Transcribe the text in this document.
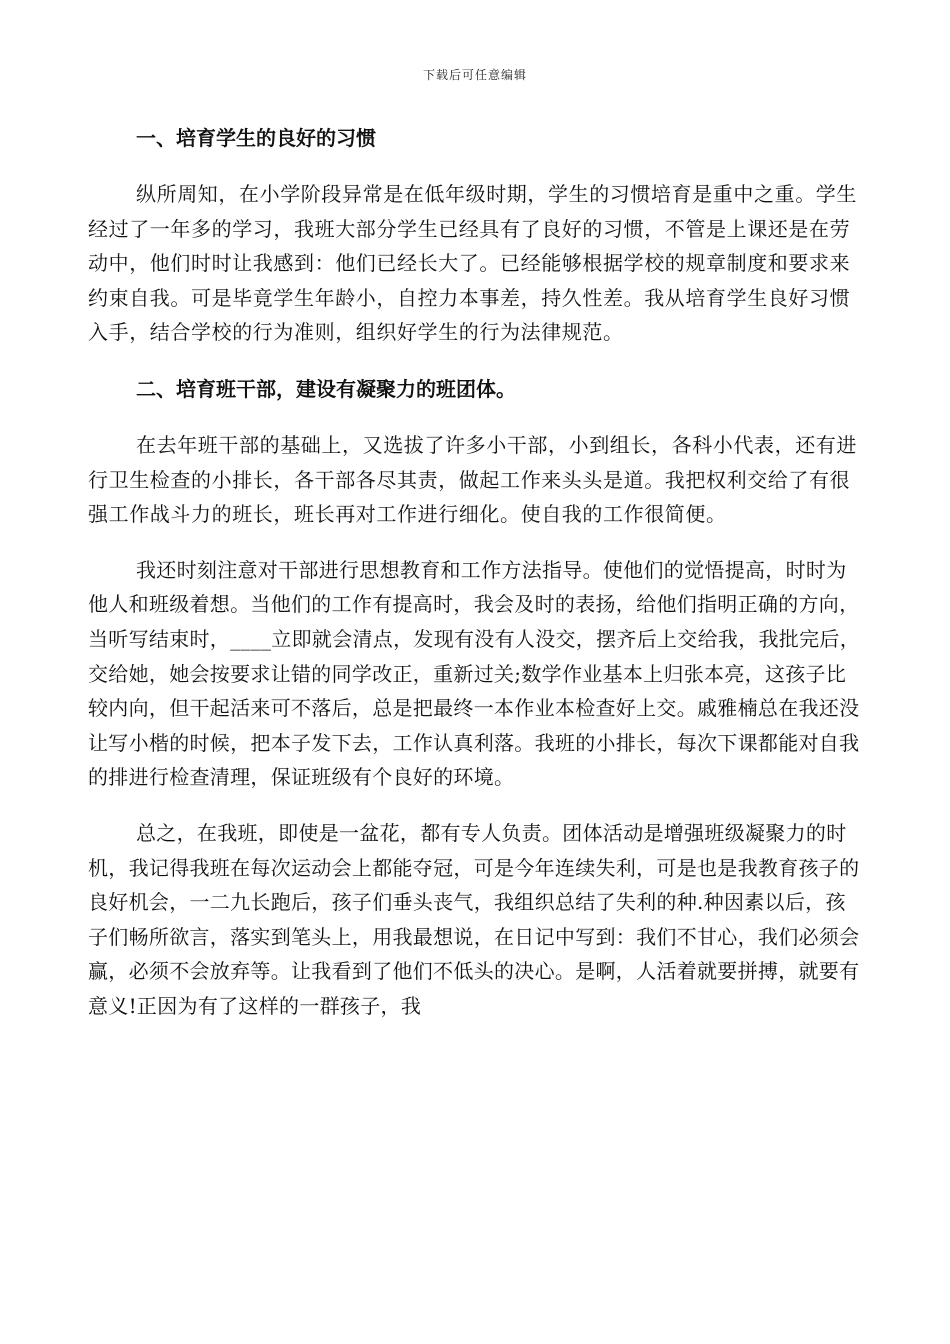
下载后可任意编辑
一、培育学生的良好的习惯

纵所周知，在小学阶段异常是在低年级时期，学生的习惯培育是重中之重。学生经过了一年多的学习，我班大部分学生已经具有了良好的习惯，不管是上课还是在劳动中，他们时时让我感到：他们已经长大了。已经能够根据学校的规章制度和要求来约束自我。可是毕竟学生年龄小，自控力本事差，持久性差。我从培育学生良好习惯入手，结合学校的行为准则，组织好学生的行为法律规范。

二、培育班干部，建设有凝聚力的班团体。

在去年班干部的基础上，又选拔了许多小干部，小到组长，各科小代表，还有进行卫生检查的小排长，各干部各尽其责，做起工作来头头是道。我把权利交给了有很强工作战斗力的班长，班长再对工作进行细化。使自我的工作很简便。

我还时刻注意对干部进行思想教育和工作方法指导。使他们的觉悟提高，时时为他人和班级着想。当他们的工作有提高时，我会及时的表扬，给他们指明正确的方向，当听写结束时，____立即就会清点，发现有没有人没交，摆齐后上交给我，我批完后，交给她，她会按要求让错的同学改正，重新过关;数学作业基本上归张本亮，这孩子比较内向，但干起活来可不落后，总是把最终一本作业本检查好上交。戚雅楠总在我还没让写小楷的时候，把本子发下去，工作认真利落。我班的小排长，每次下课都能对自我的排进行检查清理，保证班级有个良好的环境。

总之，在我班，即使是一盆花，都有专人负责。团体活动是增强班级凝聚力的时机，我记得我班在每次运动会上都能夺冠，可是今年连续失利，可是也是我教育孩子的良好机会，一二九长跑后，孩子们垂头丧气，我组织总结了失利的种.种因素以后，孩子们畅所欲言，落实到笔头上，用我最想说，在日记中写到：我们不甘心，我们必须会赢，必须不会放弃等。让我看到了他们不低头的决心。是啊，人活着就要拼搏，就要有意义!正因为有了这样的一群孩子，我
